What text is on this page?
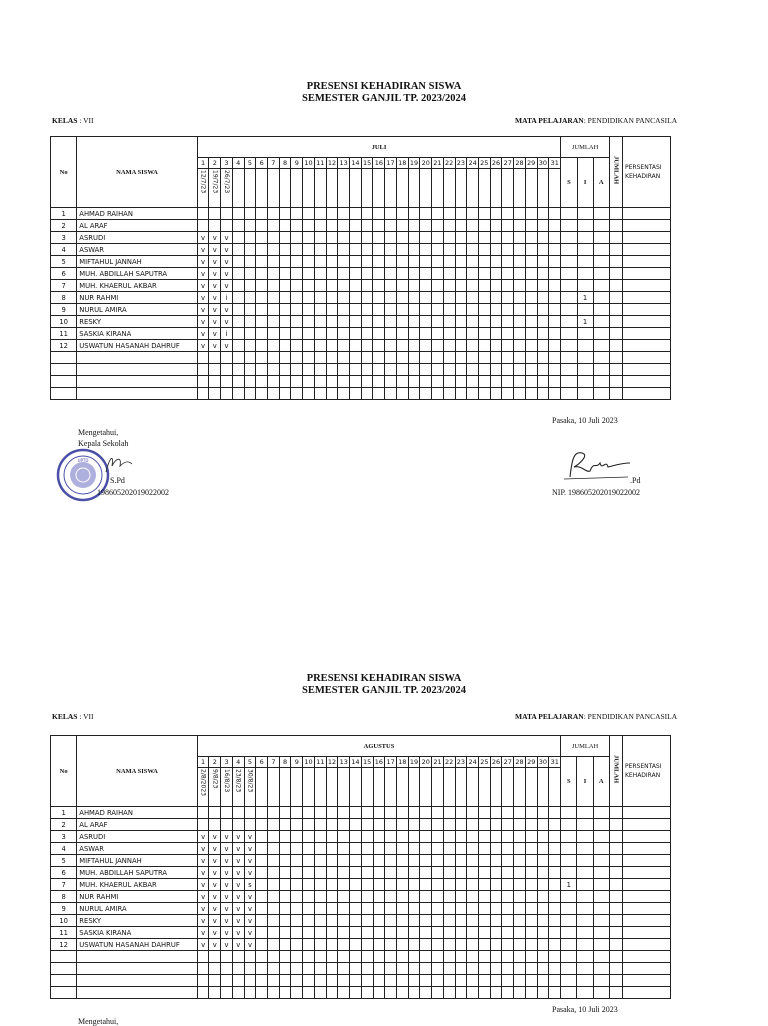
PRESENSI KEHADIRAN SISWA
SEMESTER GANJIL TP. 2023/2024
KELAS : VII	MATA PELAJARAN: PENDIDIKAN PANCASILA
No	NAMA SISWA	JULI																															JUMLAH			JUMLAH	PERSENTASI KEHADIRAN
		1	2	3	4	5	6	7	8	9	10	11	12	13	14	15	16	17	18	19	20	21	22	23	24	25	26	27	28	29	30	31	S	I	A		

		12/7/23	19/7/23	26/7/23																																	

1	AHMAD RAIHAN																																				
2	AL ARAF																																				
3	ASRUDI	v	v	v																																	
4	ASWAR	v	v	v																																	
5	MIFTAHUL JANNAH	v	v	v																																	
6	MUH. ABDILLAH SAPUTRA	v	v	v																																	
7	MUH. KHAERUL AKBAR	v	v	v																																	
8	NUR RAHMI	v	v	i																														1			
9	NURUL AMIRA	v	v	v																																	
10	RESKY	v	v	v																														1			
11	SASKIA KIRANA	v	v	i																																	
12	USWATUN HASANAH DAHRUF	v	v	v																																	

Pasaka, 10 Juli 2023
Mengetahui,
Kepala Sekolah
UPTD
S.Pd
198605202019022002
.Pd
NIP. 198605202019022002
PRESENSI KEHADIRAN SISWA
SEMESTER GANJIL TP. 2023/2024
KELAS : VII	MATA PELAJARAN: PENDIDIKAN PANCASILA
No	NAMA SISWA	AGUSTUS																															JUMLAH			JUMLAH	PERSENTASI KEHADIRAN
		1	2	3	4	5	6	7	8	9	10	11	12	13	14	15	16	17	18	19	20	21	22	23	24	25	26	27	28	29	30	31	S	I	A		

		2/8/2023	9/8/23	16/8/23	23/8/23	30/8/23																															

1	AHMAD RAIHAN																																				
2	AL ARAF																																				
3	ASRUDI	v	v	v	v	v																															
4	ASWAR	v	v	v	v	v																															
5	MIFTAHUL JANNAH	v	v	v	v	v																															
6	MUH. ABDILLAH SAPUTRA	v	v	v	v	v																															
7	MUH. KHAERUL AKBAR	v	v	v	v	s																											1				
8	NUR RAHMI	v	v	v	v	v																															
9	NURUL AMIRA	v	v	v	v	v																															
10	RESKY	v	v	v	v	v																															
11	SASKIA KIRANA	v	v	v	v	v																															
12	USWATUN HASANAH DAHRUF	v	v	v	v	v																															

Pasaka, 10 Juli 2023
Mengetahui,
